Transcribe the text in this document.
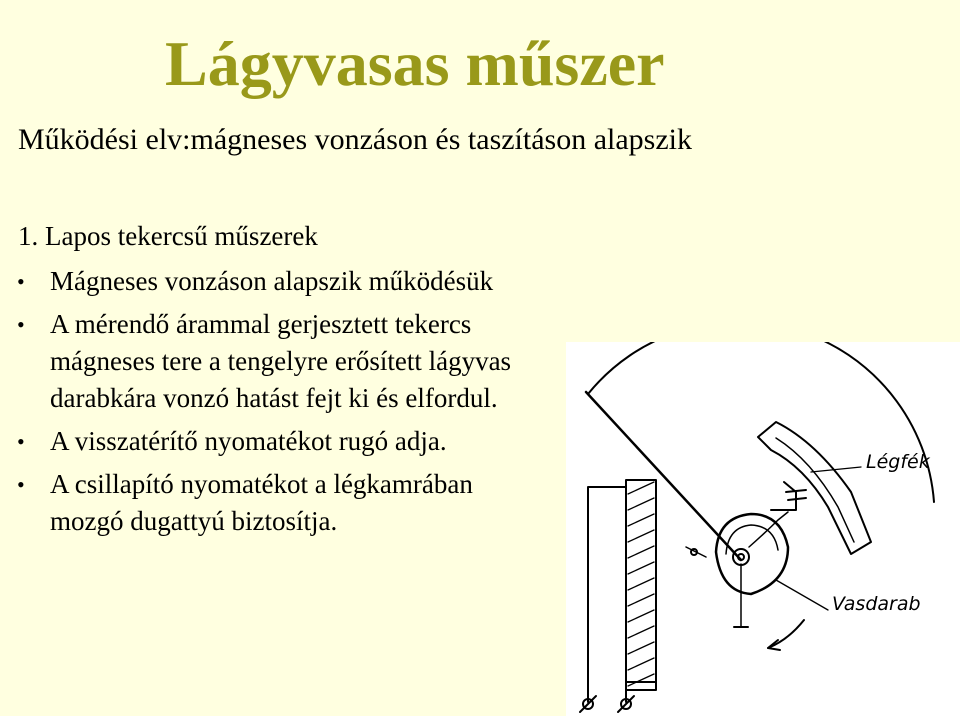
Lágyvasas műszer
Működési elv:mágneses vonzáson és taszításon alapszik
1. Lapos tekercsű műszerek
• Mágneses vonzáson alapszik működésük
• A mérendő árammal gerjesztett tekercs
mágneses tere a tengelyre erősített lágyvas
darabkára vonzó hatást fejt ki és elfordul.
• A visszatérítő nyomatékot rugó adja.
• A csillapító nyomatékot a légkamrában
mozgó dugattyú biztosítja.
Légfék
Vasdarab
